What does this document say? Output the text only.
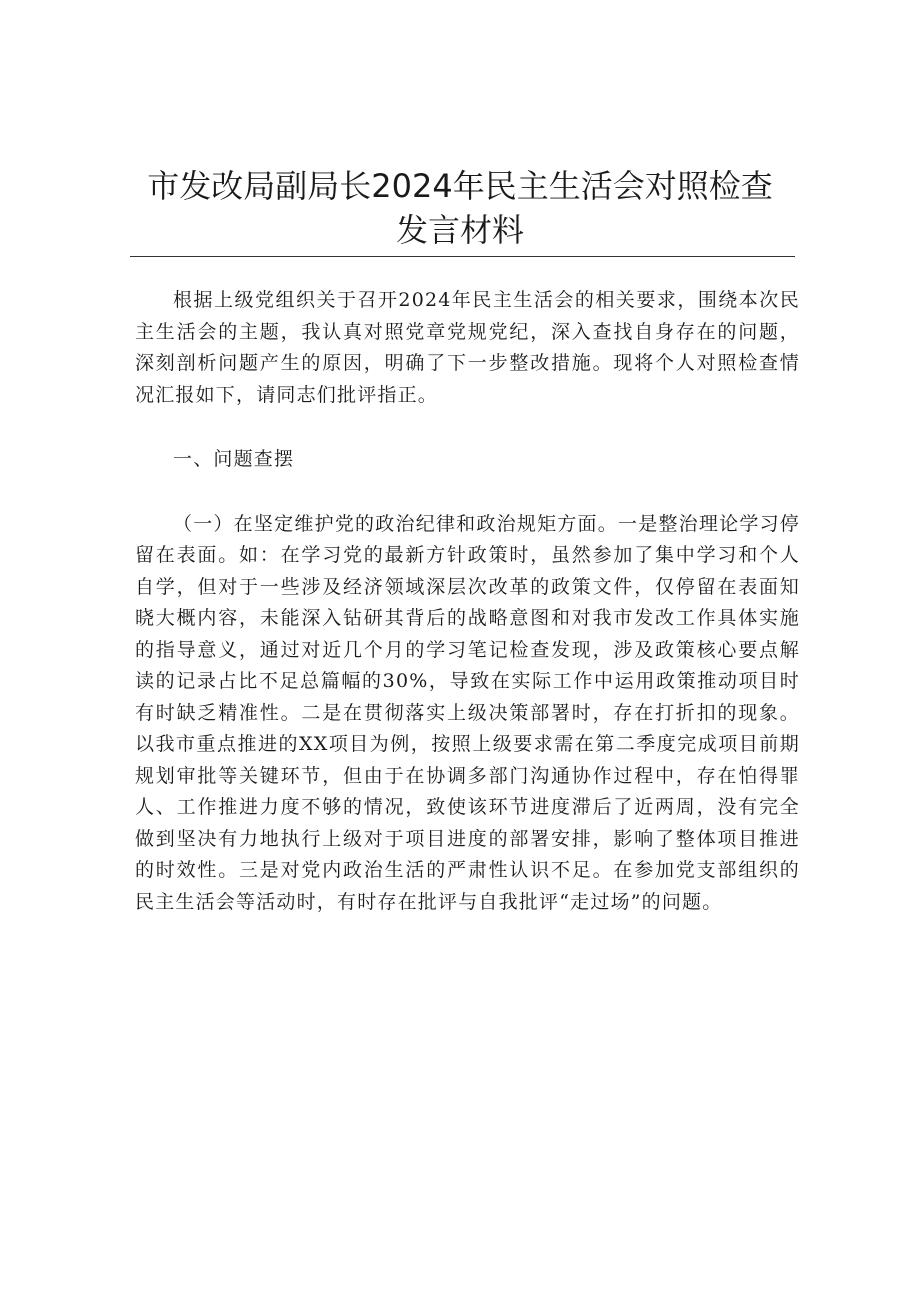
市发改局副局长2024年民主生活会对照检查
发言材料

根据上级党组织关于召开2024年民主生活会的相关要求，围绕本次民主生活会的主题，我认真对照党章党规党纪，深入查找自身存在的问题，深刻剖析问题产生的原因，明确了下一步整改措施。现将个人对照检查情况汇报如下，请同志们批评指正。

一、问题查摆

（一）在坚定维护党的政治纪律和政治规矩方面。一是整治理论学习停留在表面。如：在学习党的最新方针政策时，虽然参加了集中学习和个人自学，但对于一些涉及经济领域深层次改革的政策文件，仅停留在表面知晓大概内容，未能深入钻研其背后的战略意图和对我市发改工作具体实施的指导意义，通过对近几个月的学习笔记检查发现，涉及政策核心要点解读的记录占比不足总篇幅的30%，导致在实际工作中运用政策推动项目时有时缺乏精准性。二是在贯彻落实上级决策部署时，存在打折扣的现象。以我市重点推进的XX项目为例，按照上级要求需在第二季度完成项目前期规划审批等关键环节，但由于在协调多部门沟通协作过程中，存在怕得罪人、工作推进力度不够的情况，致使该环节进度滞后了近两周，没有完全做到坚决有力地执行上级对于项目进度的部署安排，影响了整体项目推进的时效性。三是对党内政治生活的严肃性认识不足。在参加党支部组织的民主生活会等活动时，有时存在批评与自我批评“走过场”的问题。
